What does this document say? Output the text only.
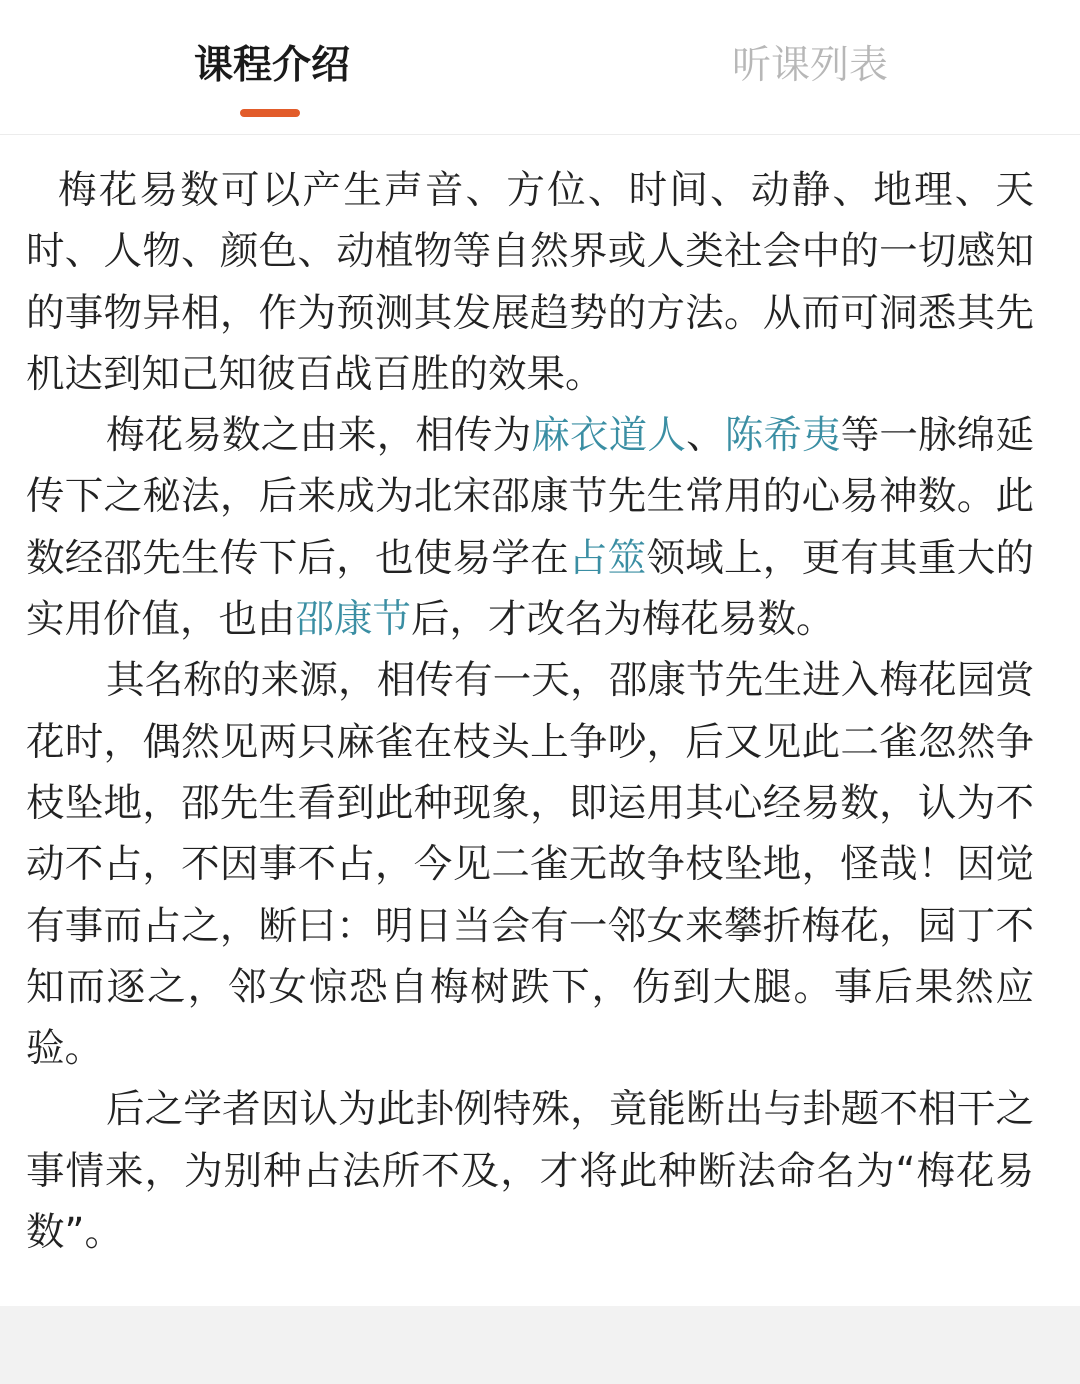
课程介绍	听课列表

梅花易数可以产生声音、方位、时间、动静、地理、天时、人物、颜色、动植物等自然界或人类社会中的一切感知的事物异相，作为预测其发展趋势的方法。从而可洞悉其先机达到知己知彼百战百胜的效果。

梅花易数之由来，相传为麻衣道人、陈希夷等一脉绵延传下之秘法，后来成为北宋邵康节先生常用的心易神数。此数经邵先生传下后，也使易学在占筮领域上，更有其重大的实用价值，也由邵康节后，才改名为梅花易数。

其名称的来源，相传有一天，邵康节先生进入梅花园赏花时，偶然见两只麻雀在枝头上争吵，后又见此二雀忽然争枝坠地，邵先生看到此种现象，即运用其心经易数，认为不动不占，不因事不占，今见二雀无故争枝坠地，怪哉！因觉有事而占之，断曰：明日当会有一邻女来攀折梅花，园丁不知而逐之，邻女惊恐自梅树跌下，伤到大腿。事后果然应验。

后之学者因认为此卦例特殊，竟能断出与卦题不相干之事情来，为别种占法所不及，才将此种断法命名为“梅花易数”。
